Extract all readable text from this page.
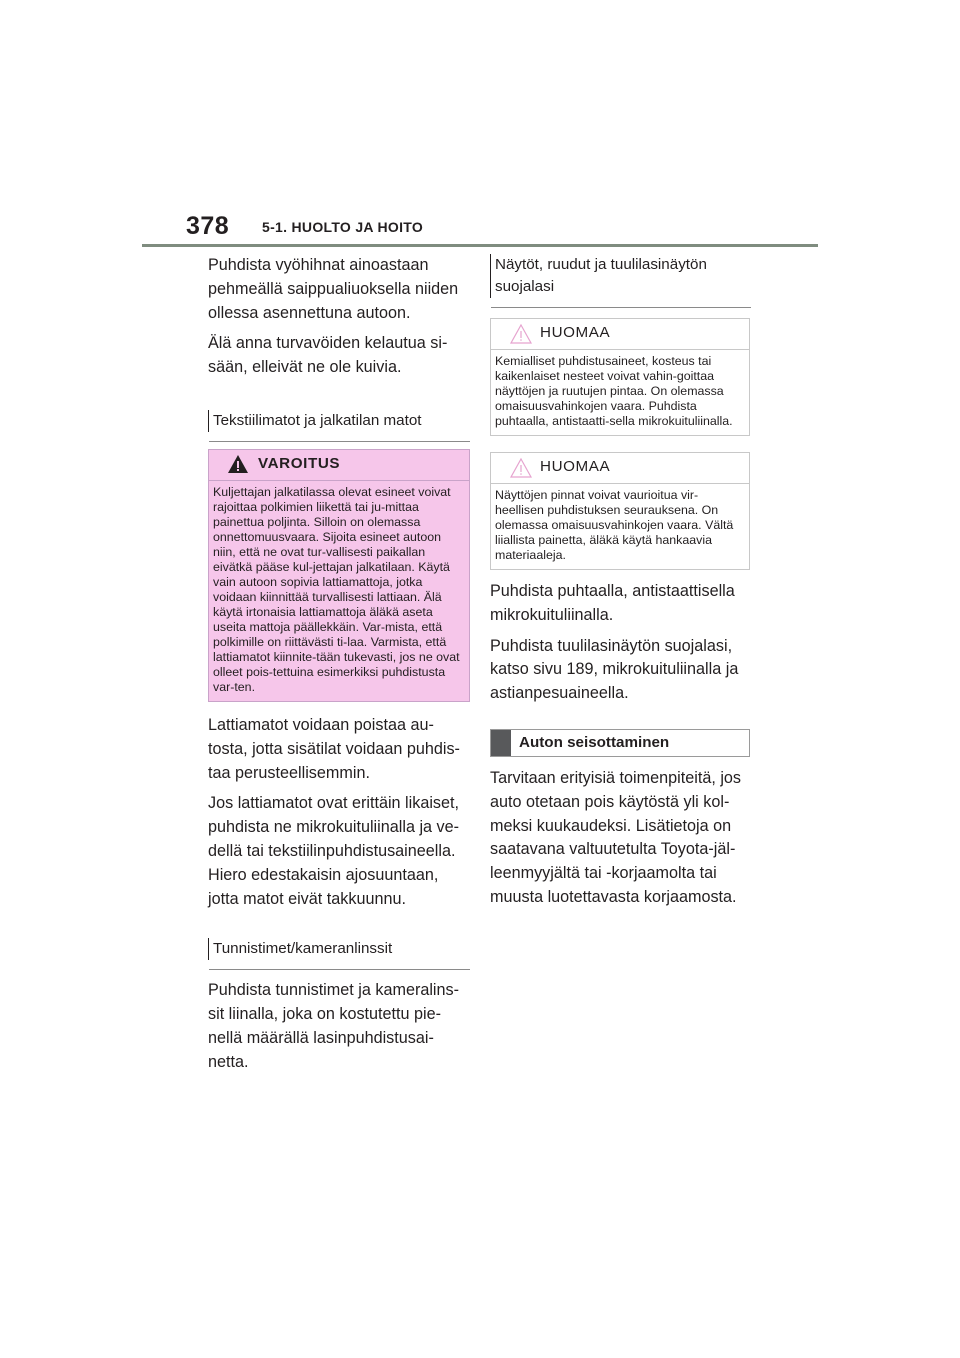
378 5-1. HUOLTO JA HOITO

Puhdista vyöhihnat ainoastaan pehmeällä saippualiuoksella niiden ollessa asennettuna autoon.

Älä anna turvavöiden kelautua si-sään, elleivät ne ole kuivia.

Tekstiilimatot ja jalkatilan matot
VAROITUS
Kuljettajan jalkatilassa olevat esineet voivat rajoittaa polkimien liikettä tai ju-mittaa painettua poljinta. Silloin on olemassa onnettomuusvaara. Sijoita esineet autoon niin, että ne ovat tur-vallisesti paikallan eivätkä pääse kul-jettajan jalkatilaan. Käytä vain autoon sopivia lattiamattoja, jotka voidaan kiinnittää turvallisesti lattiaan. Älä käytä irtonaisia lattiamattoja äläkä aseta useita mattoja päällekkäin. Var-mista, että polkimille on riittävästi ti-laa. Varmista, että lattiamatot kiinnite-tään tukevasti, jos ne ovat olleet pois-tettuina esimerkiksi puhdistusta var-ten.

Lattiamatot voidaan poistaa au-tosta, jotta sisätilat voidaan puhdis-taa perusteellisemmin.

Jos lattiamatot ovat erittäin likaiset, puhdista ne mikrokuituliinalla ja ve-dellä tai tekstiilinpuhdistusaineella. Hiero edestakaisin ajosuuntaan, jotta matot eivät takkuunnu.

Tunnistimet/kameranlinssit

Puhdista tunnistimet ja kameralins-sit liinalla, joka on kostutettu pie-nellä määrällä lasinpuhdistusai-netta.

Näytöt, ruudut ja tuulilasinäytön suojalasi
HUOMAA
Kemialliset puhdistusaineet, kosteus tai kaikenlaiset nesteet voivat vahin-goittaa näyttöjen ja ruutujen pintaa. On olemassa omaisuusvahinkojen vaara. Puhdista puhtaalla, antistaatti-sella mikrokuituliinalla.
HUOMAA
Näyttöjen pinnat voivat vaurioitua vir-heellisen puhdistuksen seurauksena. On olemassa omaisuusvahinkojen vaara. Vältä liiallista painetta, äläkä käytä hankaavia materiaaleja.

Puhdista puhtaalla, antistaattisella mikrokuituliinalla.

Puhdista tuulilasinäytön suojalasi, katso sivu 189, mikrokuituliinalla ja astianpesuaineella.

Auton seisottaminen

Tarvitaan erityisiä toimenpiteitä, jos auto otetaan pois käytöstä yli kol-meksi kuukaudeksi. Lisätietoja on saatavana valtuutetulta Toyota-jäl-leenmyyjältä tai -korjaamolta tai muusta luotettavasta korjaamosta.
